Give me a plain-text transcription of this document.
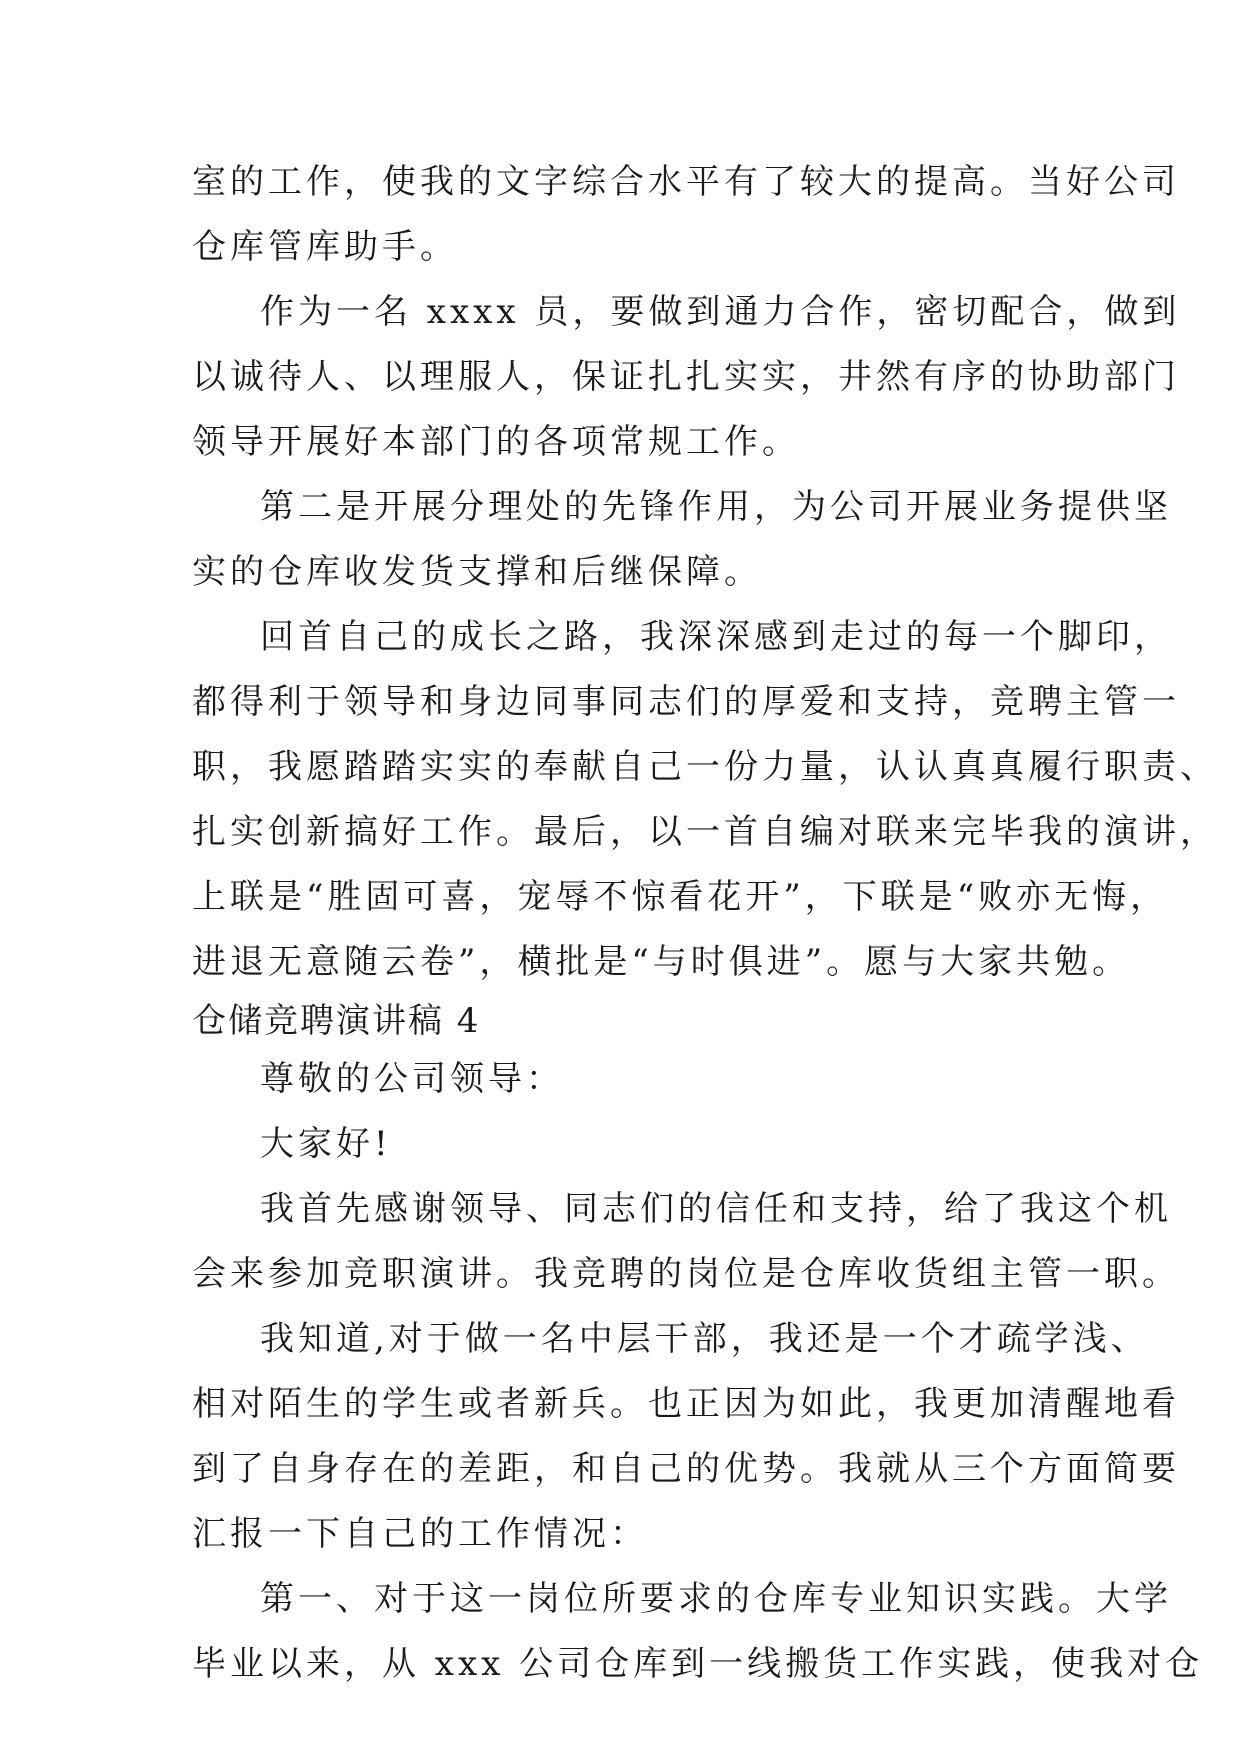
室的工作，使我的文字综合水平有了较大的提高。当好公司
仓库管库助手。
作为一名 xxxx 员，要做到通力合作，密切配合，做到
以诚待人、以理服人，保证扎扎实实，井然有序的协助部门
领导开展好本部门的各项常规工作。
第二是开展分理处的先锋作用，为公司开展业务提供坚
实的仓库收发货支撑和后继保障。
回首自己的成长之路，我深深感到走过的每一个脚印，
都得利于领导和身边同事同志们的厚爱和支持，竞聘主管一
职，我愿踏踏实实的奉献自己一份力量，认认真真履行职责、
扎实创新搞好工作。最后，以一首自编对联来完毕我的演讲，
上联是“胜固可喜，宠辱不惊看花开”，下联是“败亦无悔，
进退无意随云卷”，横批是“与时俱进”。愿与大家共勉。
仓储竞聘演讲稿 4
尊敬的公司领导：
大家好!
我首先感谢领导、同志们的信任和支持，给了我这个机
会来参加竞职演讲。我竞聘的岗位是仓库收货组主管一职。
我知道,对于做一名中层干部，我还是一个才疏学浅、
相对陌生的学生或者新兵。也正因为如此，我更加清醒地看
到了自身存在的差距，和自己的优势。我就从三个方面简要
汇报一下自己的工作情况：
第一、对于这一岗位所要求的仓库专业知识实践。大学
毕业以来，从 xxx 公司仓库到一线搬货工作实践，使我对仓
